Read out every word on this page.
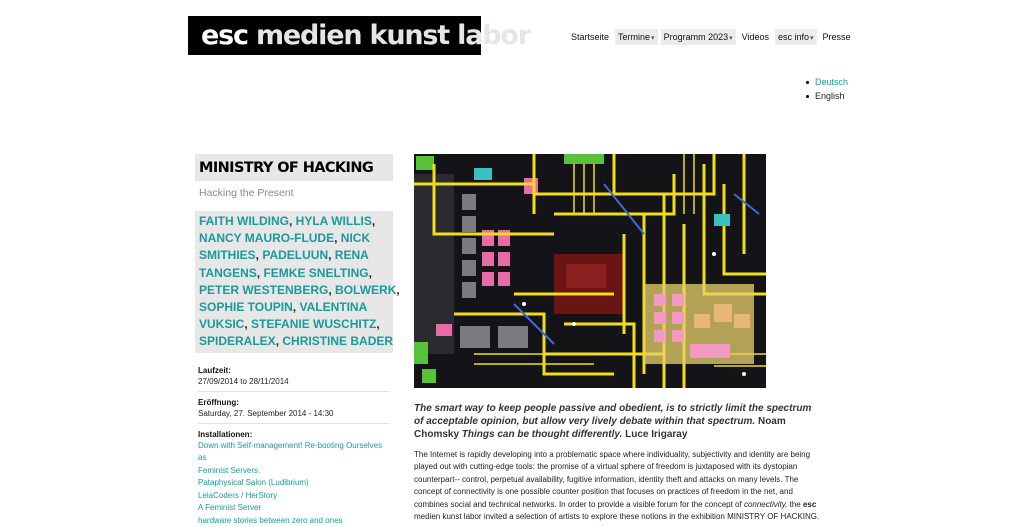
esc medien kunst labor	Startseite	Termine▾	Programm 2023▾	Videos	esc info▾	Presse
Deutsch
English
MINISTRY OF HACKING
Hacking the Present
FAITH WILDING, HYLA WILLIS,
NANCY MAURO-FLUDE, NICK
SMITHIES, PADELUUN, RENA
TANGENS, FEMKE SNELTING,
PETER WESTENBERG, BOLWERK,
SOPHIE TOUPIN, VALENTINA
VUKSIC, STEFANIE WUSCHITZ,
SPIDERALEX, CHRISTINE BADER
Laufzeit:
27/09/2014 to 28/11/2014
Eröffnung:
Saturday, 27. September 2014 - 14:30
Installationen:
Down with Self-management! Re-booting Ourselves as
Feminist Servers.
Pataphysical Salon (Ludibrium)
LelaCoders / HerStory
A Feminist Server
hardware stories between zero and ones
The smart way to keep people passive and obedient, is to strictly limit the spectrum of acceptable opinion, but allow very lively debate within that spectrum. Noam Chomsky Things can be thought differently. Luce Irigaray
The Internet is rapidly developing into a problematic space where individuality, subjectivity and identity are being played out with cutting-edge tools: the promise of a virtual sphere of freedom is juxtaposed with its dystopian counterpart-- control, perpetual availability, fugitive information, identity theft and attacks on many levels. The concept of connectivity is one possible counter position that focuses on practices of freedom in the net, and combines social and technical networks. In order to provide a visible forum for the concept of connectivity, the esc medien kunst labor invited a selection of artists to explore these notions in the exhibition MINISTRY OF HACKING.
